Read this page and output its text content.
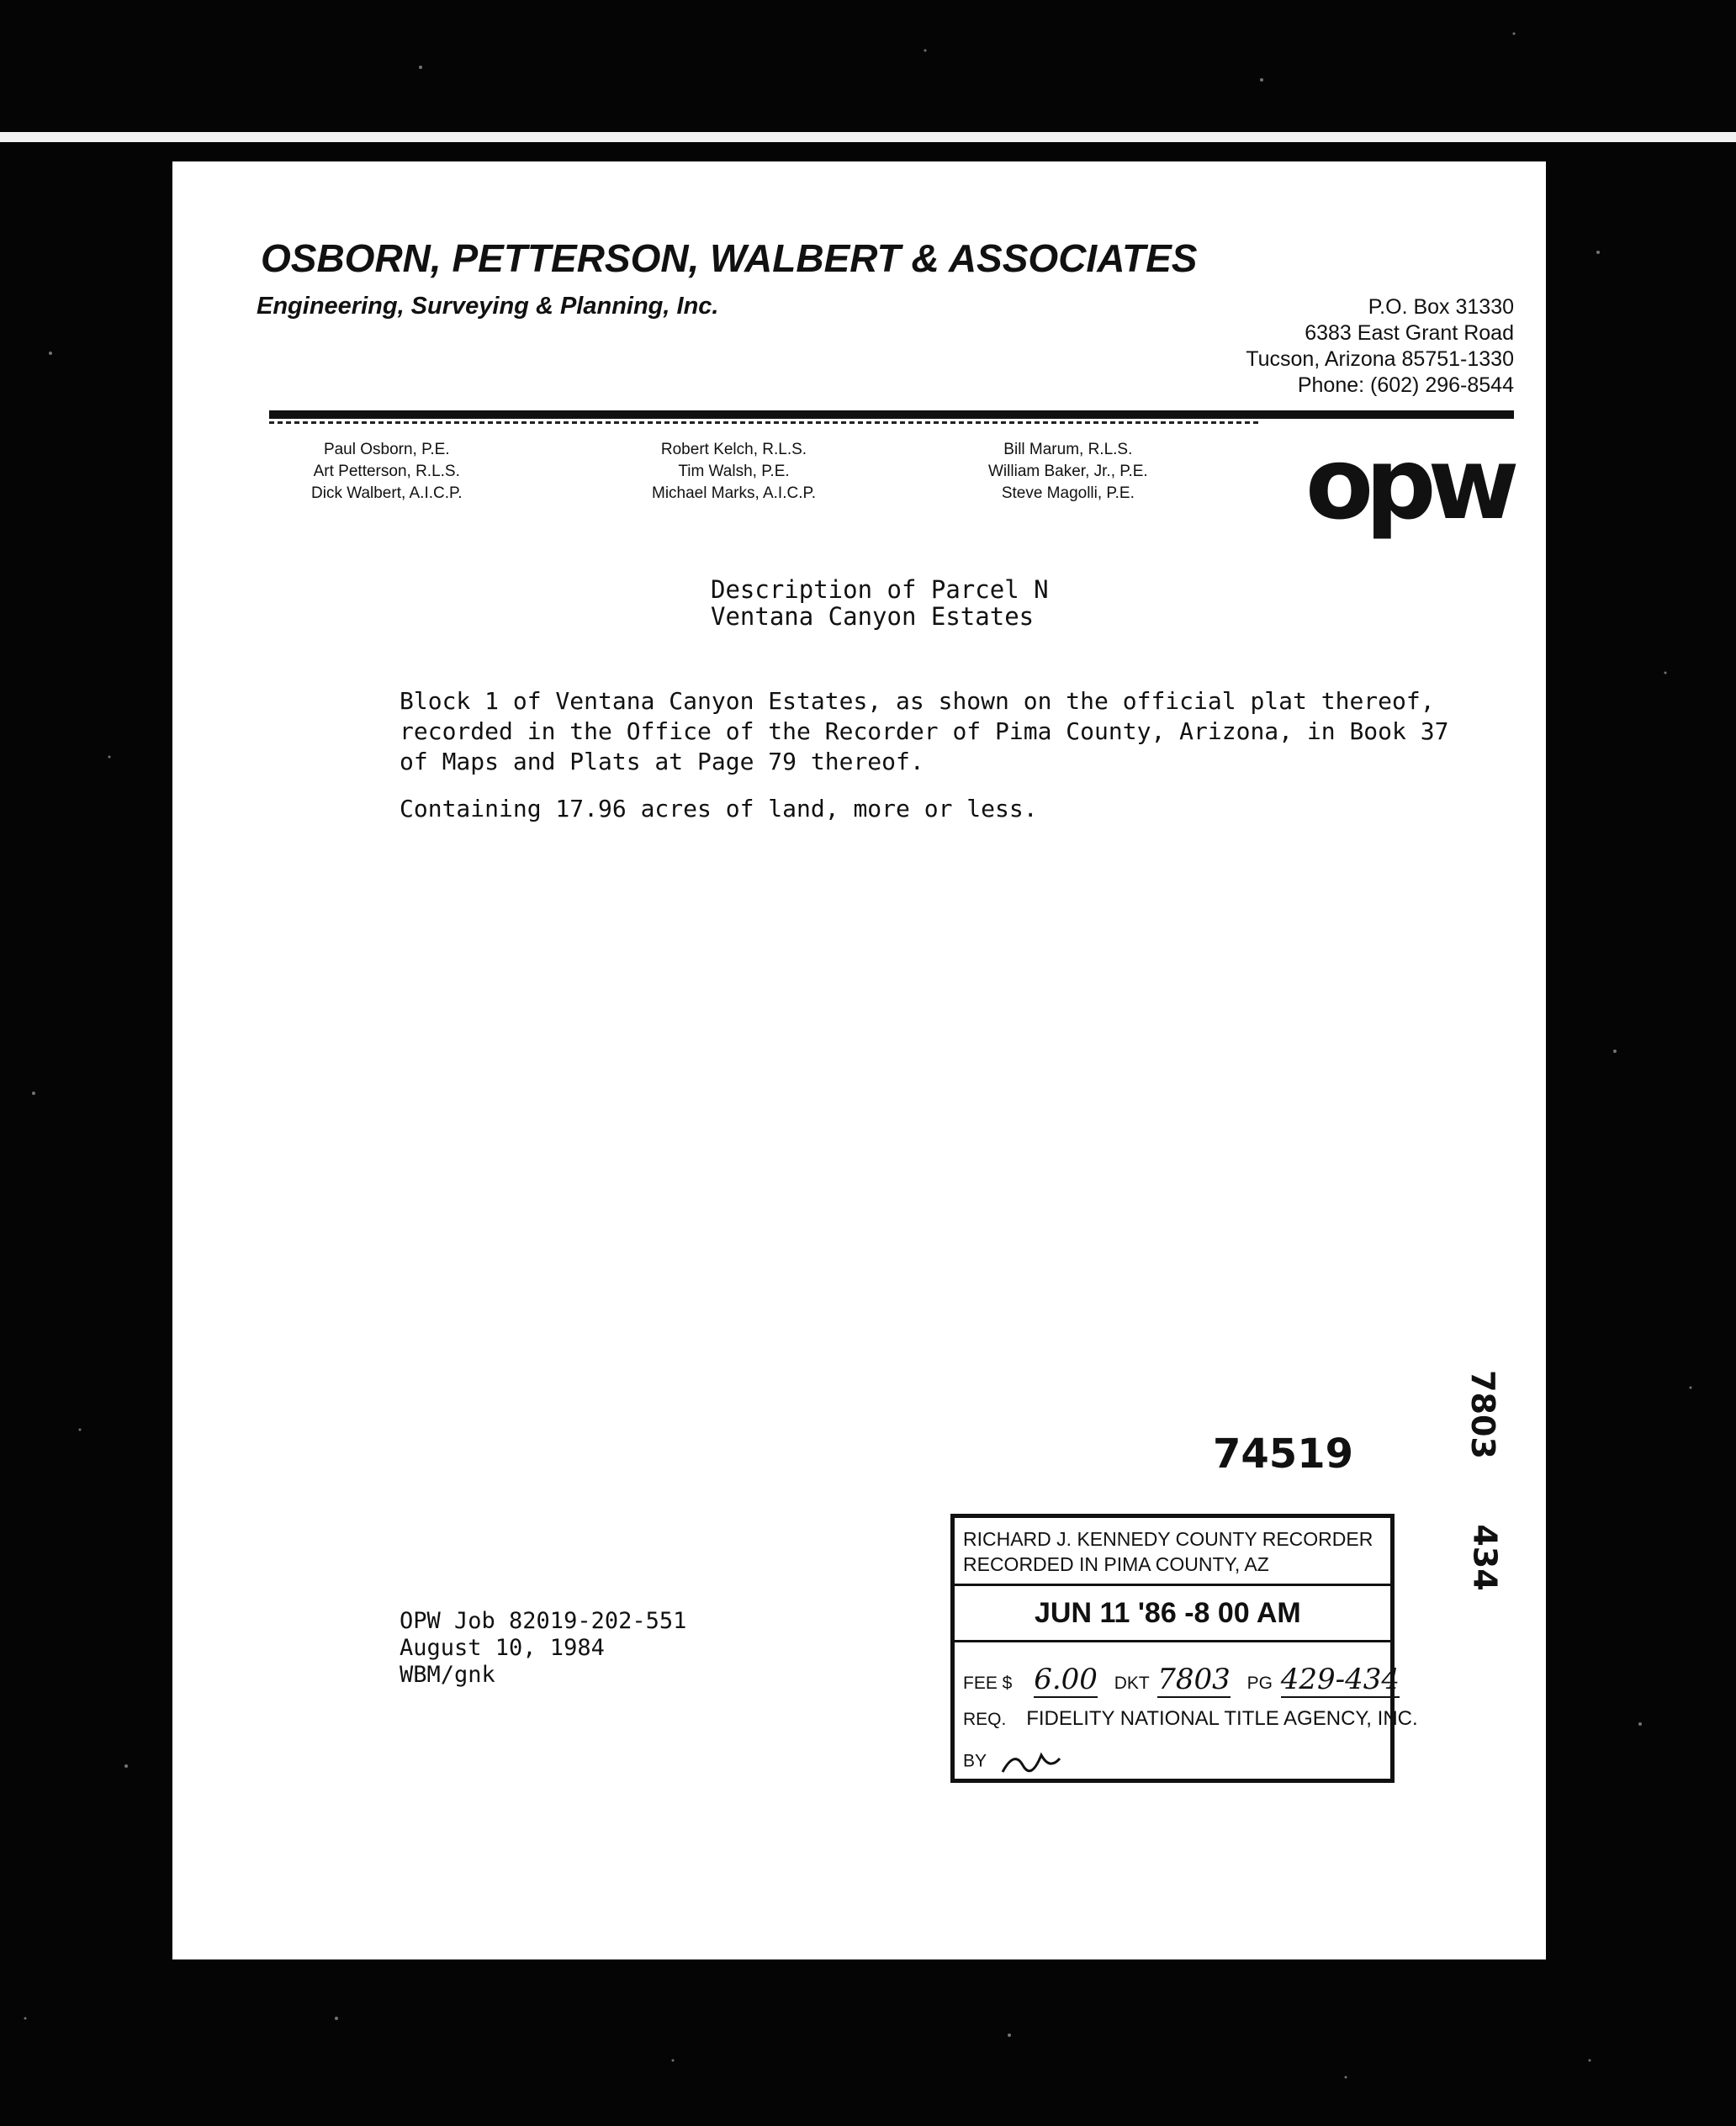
OSBORN, PETTERSON, WALBERT & ASSOCIATES
Engineering, Surveying & Planning, Inc.	P.O. Box 31330
6383 East Grant Road
Tucson, Arizona 85751-1330
Phone: (602) 296-8544
Paul Osborn, P.E.
Art Petterson, R.L.S.
Dick Walbert, A.I.C.P.
Robert Kelch, R.L.S.
Tim Walsh, P.E.
Michael Marks, A.I.C.P.
Bill Marum, R.L.S.
William Baker, Jr., P.E.
Steve Magolli, P.E. opw
Description of Parcel N
Ventana Canyon Estates

Block 1 of Ventana Canyon Estates, as shown on the official plat thereof, recorded in the Office of the Recorder of Pima County, Arizona, in Book 37 of Maps and Plats at Page 79 thereof.

Containing 17.96 acres of land, more or less.

OPW Job 82019-202-551
August 10, 1984
WBM/gnk
74519	7803
434
RICHARD J. KENNEDY COUNTY RECORDER
RECORDED IN PIMA COUNTY, AZ
JUN 11 '86 -8 00 AM
FEE $ 6.00 DKT 7803 PG 429-434
REQ. FIDELITY NATIONAL TITLE AGENCY, INC.
BY
